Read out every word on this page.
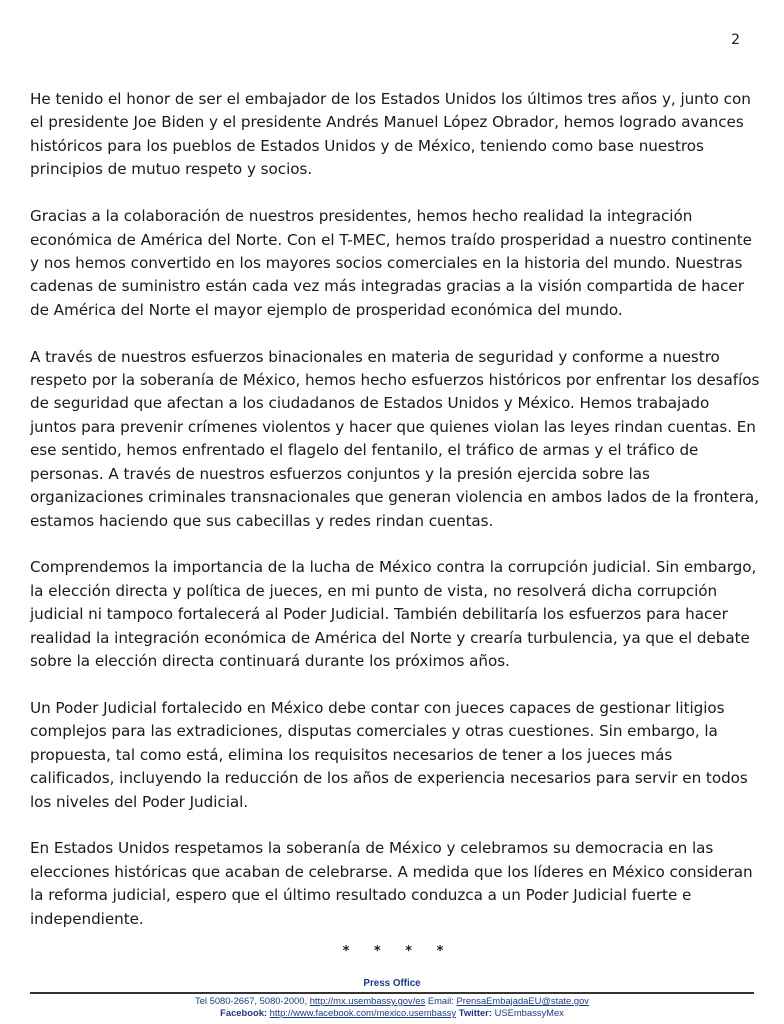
2

He tenido el honor de ser el embajador de los Estados Unidos los últimos tres años y, junto con el presidente Joe Biden y el presidente Andrés Manuel López Obrador, hemos logrado avances históricos para los pueblos de Estados Unidos y de México, teniendo como base nuestros principios de mutuo respeto y socios.

Gracias a la colaboración de nuestros presidentes, hemos hecho realidad la integración económica de América del Norte. Con el T-MEC, hemos traído prosperidad a nuestro continente y nos hemos convertido en los mayores socios comerciales en la historia del mundo. Nuestras cadenas de suministro están cada vez más integradas gracias a la visión compartida de hacer de América del Norte el mayor ejemplo de prosperidad económica del mundo.

A través de nuestros esfuerzos binacionales en materia de seguridad y conforme a nuestro respeto por la soberanía de México, hemos hecho esfuerzos históricos por enfrentar los desafíos de seguridad que afectan a los ciudadanos de Estados Unidos y México. Hemos trabajado juntos para prevenir crímenes violentos y hacer que quienes violan las leyes rindan cuentas. En ese sentido, hemos enfrentado el flagelo del fentanilo, el tráfico de armas y el tráfico de personas. A través de nuestros esfuerzos conjuntos y la presión ejercida sobre las organizaciones criminales transnacionales que generan violencia en ambos lados de la frontera, estamos haciendo que sus cabecillas y redes rindan cuentas.

Comprendemos la importancia de la lucha de México contra la corrupción judicial. Sin embargo, la elección directa y política de jueces, en mi punto de vista, no resolverá dicha corrupción judicial ni tampoco fortalecerá al Poder Judicial. También debilitaría los esfuerzos para hacer realidad la integración económica de América del Norte y crearía turbulencia, ya que el debate sobre la elección directa continuará durante los próximos años.

Un Poder Judicial fortalecido en México debe contar con jueces capaces de gestionar litigios complejos para las extradiciones, disputas comerciales y otras cuestiones. Sin embargo, la propuesta, tal como está, elimina los requisitos necesarios de tener a los jueces más calificados, incluyendo la reducción de los años de experiencia necesarios para servir en todos los niveles del Poder Judicial.

En Estados Unidos respetamos la soberanía de México y celebramos su democracia en las elecciones históricas que acaban de celebrarse. A medida que los líderes en México consideran la reforma judicial, espero que el último resultado conduzca a un Poder Judicial fuerte e independiente.

* * * *
Press Office
Tel 5080-2667, 5080-2000, http://mx.usembassy.gov/es Email: PrensaEmbajadaEU@state.gov
Facebook: http://www.facebook.com/mexico.usembassy Twitter: USEmbassyMex
